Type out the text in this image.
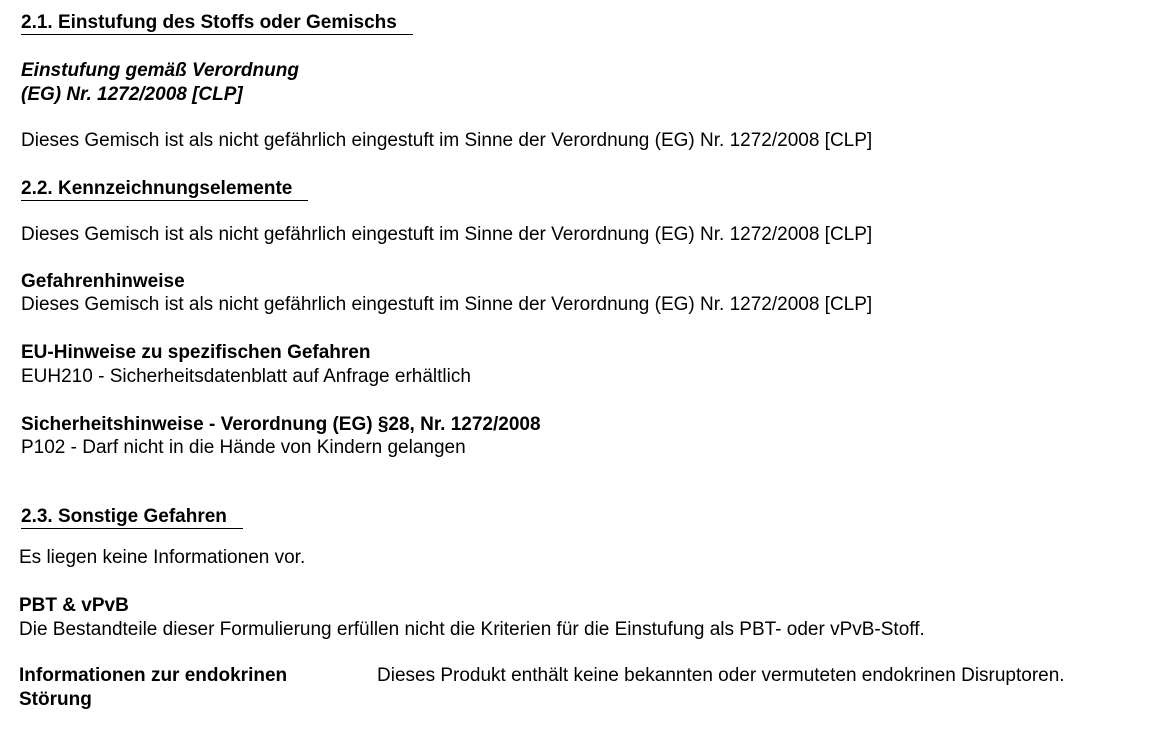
2.1. Einstufung des Stoffs oder Gemischs
Einstufung gemäß Verordnung
(EG) Nr. 1272/2008 [CLP]
Dieses Gemisch ist als nicht gefährlich eingestuft im Sinne der Verordnung (EG) Nr. 1272/2008 [CLP]
2.2. Kennzeichnungselemente
Dieses Gemisch ist als nicht gefährlich eingestuft im Sinne der Verordnung (EG) Nr. 1272/2008 [CLP]
Gefahrenhinweise
Dieses Gemisch ist als nicht gefährlich eingestuft im Sinne der Verordnung (EG) Nr. 1272/2008 [CLP]
EU-Hinweise zu spezifischen Gefahren
EUH210 - Sicherheitsdatenblatt auf Anfrage erhältlich
Sicherheitshinweise - Verordnung (EG) §28, Nr. 1272/2008
P102 - Darf nicht in die Hände von Kindern gelangen
2.3. Sonstige Gefahren
Es liegen keine Informationen vor.
PBT & vPvB
Die Bestandteile dieser Formulierung erfüllen nicht die Kriterien für die Einstufung als PBT- oder vPvB-Stoff.
Informationen zur endokrinen
Störung
Dieses Produkt enthält keine bekannten oder vermuteten endokrinen Disruptoren.
